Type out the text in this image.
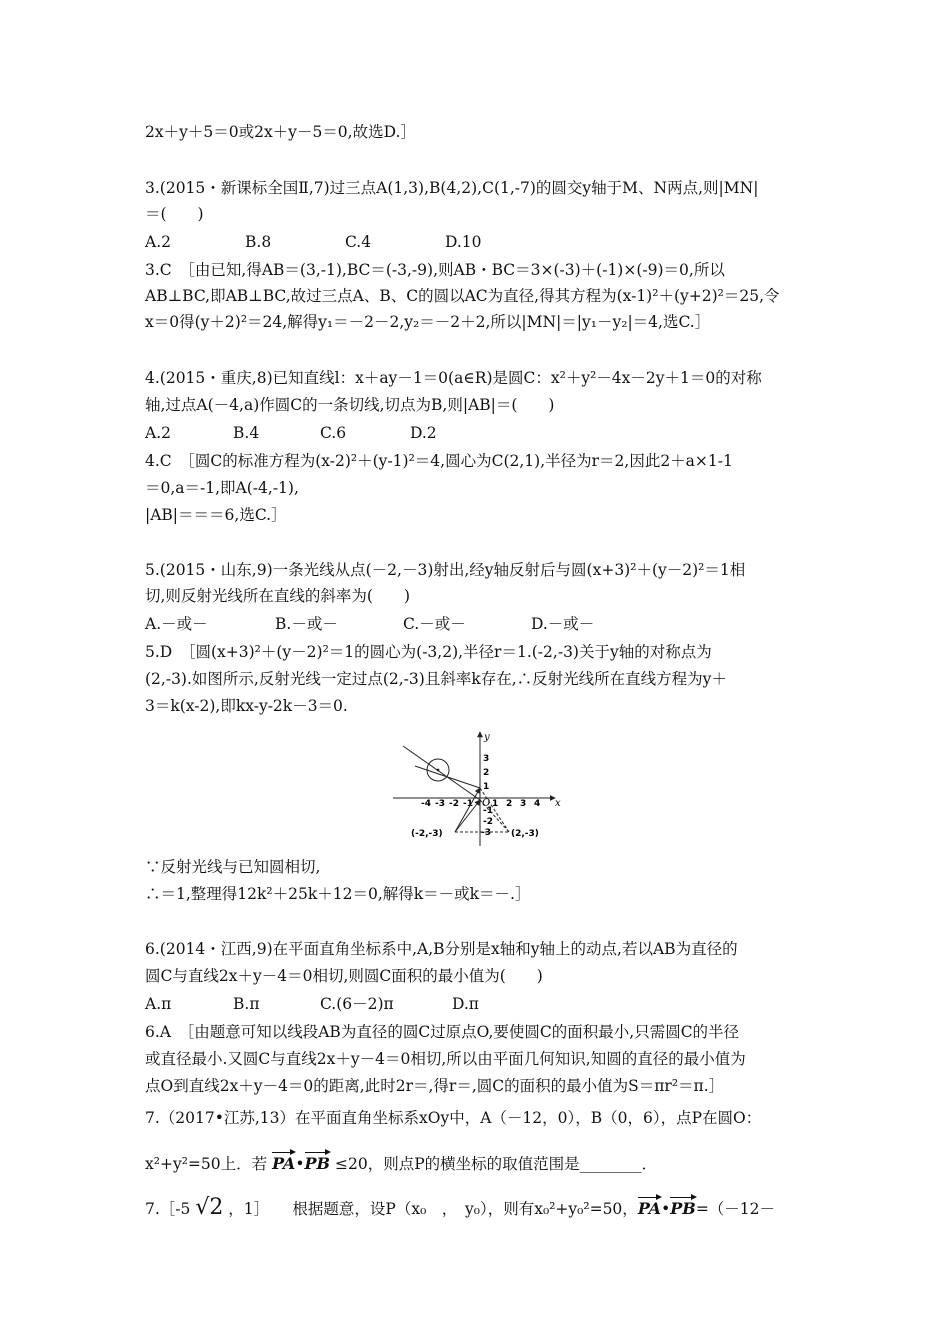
2x＋y＋5＝0或2x＋y－5＝0,故选D.］
3.(2015・新课标全国Ⅱ,7)过三点A(1,3),B(4,2),C(1,-7)的圆交y轴于M、N两点,则|MN|
＝(　　)
A.2	B.8	C.4	D.10
3.C　［由已知,得AB＝(3,-1),BC＝(-3,-9),则AB・BC＝3×(-3)＋(-1)×(-9)＝0,所以
AB⊥BC,即AB⊥BC,故过三点A、B、C的圆以AC为直径,得其方程为(x-1)²＋(y+2)²＝25,令
x＝0得(y＋2)²＝24,解得y₁＝－2－2,y₂＝－2＋2,所以|MN|＝|y₁－y₂|＝4,选C.］
4.(2015・重庆,8)已知直线l：x＋ay－1＝0(a∈R)是圆C：x²＋y²－4x－2y＋1＝0的对称
轴,过点A(－4,a)作圆C的一条切线,切点为B,则|AB|＝(　　)
A.2	B.4	C.6	D.2
4.C　［圆C的标准方程为(x-2)²＋(y-1)²＝4,圆心为C(2,1),半径为r＝2,因此2＋a×1-1
＝0,a＝-1,即A(-4,-1),
|AB|＝＝＝6,选C.］
5.(2015・山东,9)一条光线从点(－2,－3)射出,经y轴反射后与圆(x+3)²＋(y－2)²＝1相
切,则反射光线所在直线的斜率为(　　)
A.－或－	B.－或－	C.－或－	D.－或－
5.D　［圆(x+3)²＋(y－2)²＝1的圆心为(-3,2),半径r＝1.(-2,-3)关于y轴的对称点为
(2,-3).如图所示,反射光线一定过点(2,-3)且斜率k存在,∴反射光线所在直线方程为y＋
3＝k(x-2),即kx-y-2k－3＝0.
x
y
O
-4 -3 -2 -1 1 2 3 4
3
2
1
-1
-2
-3
(-2,-3)	(2,-3)
∵反射光线与已知圆相切,
∴＝1,整理得12k²＋25k＋12＝0,解得k＝－或k＝－.］
6.(2014・江西,9)在平面直角坐标系中,A,B分别是x轴和y轴上的动点,若以AB为直径的
圆C与直线2x＋y－4＝0相切,则圆C面积的最小值为(　　)
A.π	B.π	C.(6－2)π	D.π
6.A　［由题意可知以线段AB为直径的圆C过原点O,要使圆C的面积最小,只需圆C的半径
或直径最小.又圆C与直线2x＋y－4＝0相切,所以由平面几何知识,知圆的直径的最小值为
点O到直线2x＋y－4＝0的距离,此时2r＝,得r＝,圆C的面积的最小值为S＝πr²＝π.］
7.（2017•江苏,13）在平面直角坐标系xOy中，A（－12，0），B（0，6），点P在圆O：
x²+y²=50上．若 PA•PB ≤20，则点P的横坐标的取值范围是________．
7.［-5 √2 ，1］　　根据题意，设P（x₀　，　y₀），则有x₀²+y₀²=50，PA•PB=（－12－
